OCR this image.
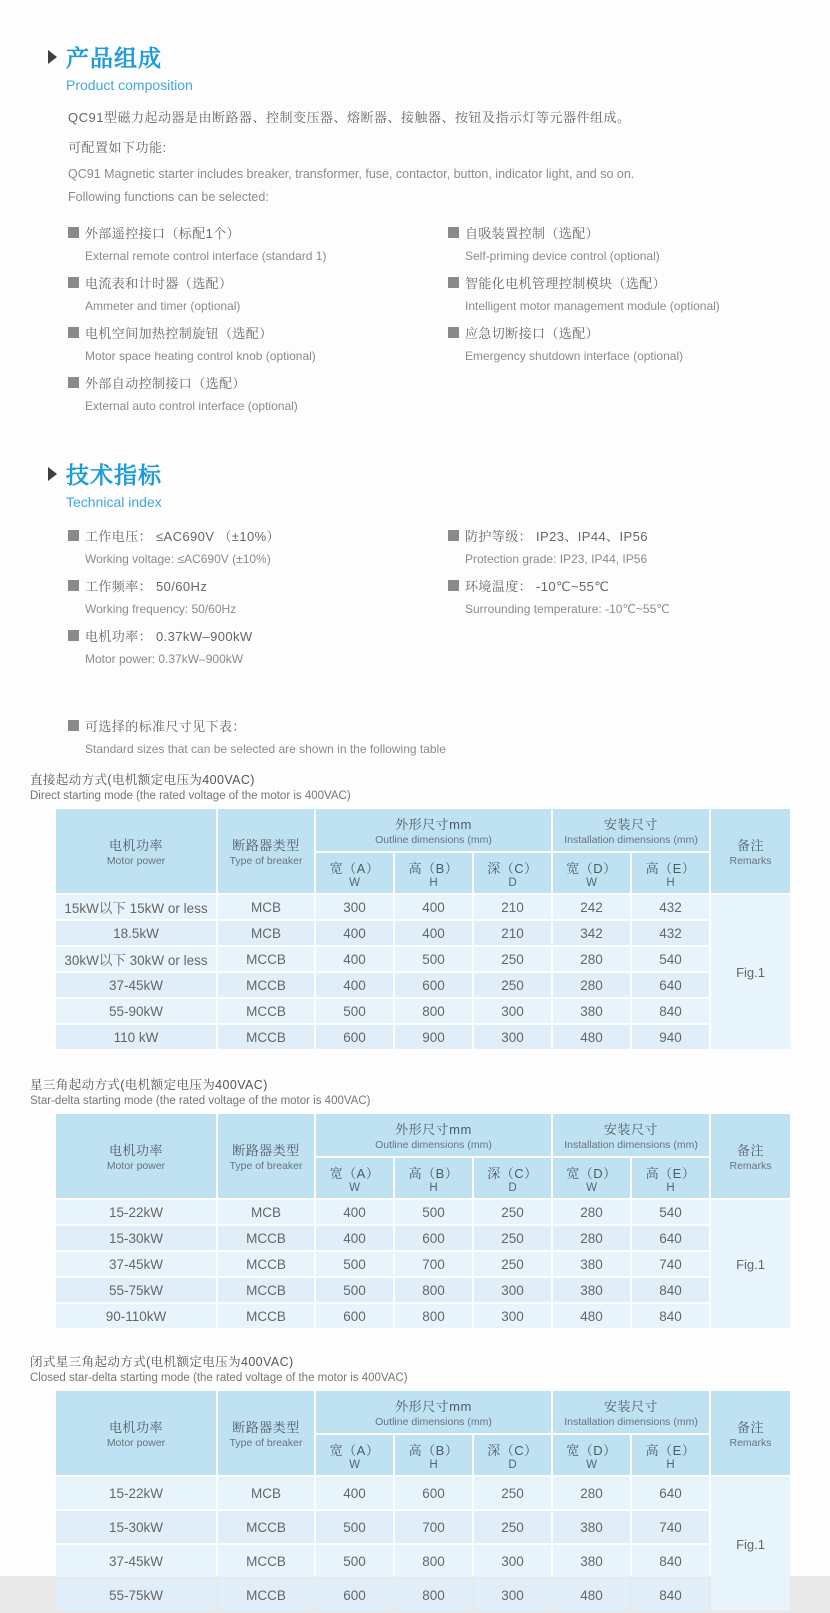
产品组成
Product composition

QC91型磁力起动器是由断路器、控制变压器、熔断器、接触器、按钮及指示灯等元器件组成。

可配置如下功能:

QC91 Magnetic starter includes breaker, transformer, fuse, contactor, button, indicator light, and so on.

Following functions can be selected:

外部遥控接口（标配1个）
External remote control interface (standard 1)
电流表和计时器（选配）
Ammeter and timer (optional)
电机空间加热控制旋钮（选配）
Motor space heating control knob (optional)
外部自动控制接口（选配）
External auto control interface (optional)
自吸装置控制（选配）
Self-priming device control (optional)
智能化电机管理控制模块（选配）
Intelligent motor management module (optional)
应急切断接口（选配）
Emergency shutdown interface (optional)
技术指标
Technical index
工作电压： ≤AC690V （±10%）
Working voltage: ≤AC690V (±10%)
工作频率： 50/60Hz
Working frequency: 50/60Hz
电机功率： 0.37kW–900kW
Motor power: 0.37kW–900kW
防护等级： IP23、IP44、IP56
Protection grade: IP23, IP44, IP56
环境温度： -10℃~55℃
Surrounding temperature: -10℃~55℃
可选择的标准尺寸见下表：
Standard sizes that can be selected are shown in the following table
直接起动方式(电机额定电压为400VAC)
Direct starting mode (the rated voltage of the motor is 400VAC)
电机功率
Motor power	断路器类型
Type of breaker	外形尺寸mm
Outline dimensions (mm)			安装尺寸
Installation dimensions (mm)		备注
Remarks

		宽（A）
W	高（B）
H	深（C）
D	宽（D）
W	高（E）
H	

15kW以下 15kW or less	MCB	300	400	210	242	432	Fig.1
18.5kW	MCB	400	400	210	342	432	
30kW以下 30kW or less	MCCB	400	500	250	280	540	
37-45kW	MCCB	400	600	250	280	640	
55-90kW	MCCB	500	800	300	380	840	
110 kW	MCCB	600	900	300	480	940	
星三角起动方式(电机额定电压为400VAC)
Star-delta starting mode (the rated voltage of the motor is 400VAC)
电机功率
Motor power	断路器类型
Type of breaker	外形尺寸mm
Outline dimensions (mm)			安装尺寸
Installation dimensions (mm)		备注
Remarks

		宽（A）
W	高（B）
H	深（C）
D	宽（D）
W	高（E）
H	

15-22kW	MCB	400	500	250	280	540	Fig.1
15-30kW	MCCB	400	600	250	280	640	
37-45kW	MCCB	500	700	250	380	740	
55-75kW	MCCB	500	800	300	380	840	
90-110kW	MCCB	600	800	300	480	840	
闭式星三角起动方式(电机额定电压为400VAC)
Closed star-delta starting mode (the rated voltage of the motor is 400VAC)
电机功率
Motor power	断路器类型
Type of breaker	外形尺寸mm
Outline dimensions (mm)			安装尺寸
Installation dimensions (mm)		备注
Remarks

		宽（A）
W	高（B）
H	深（C）
D	宽（D）
W	高（E）
H	

15-22kW	MCB	400	600	250	280	640	Fig.1
15-30kW	MCCB	500	700	250	380	740	
37-45kW	MCCB	500	800	300	380	840	
55-75kW	MCCB	600	800	300	480	840	
